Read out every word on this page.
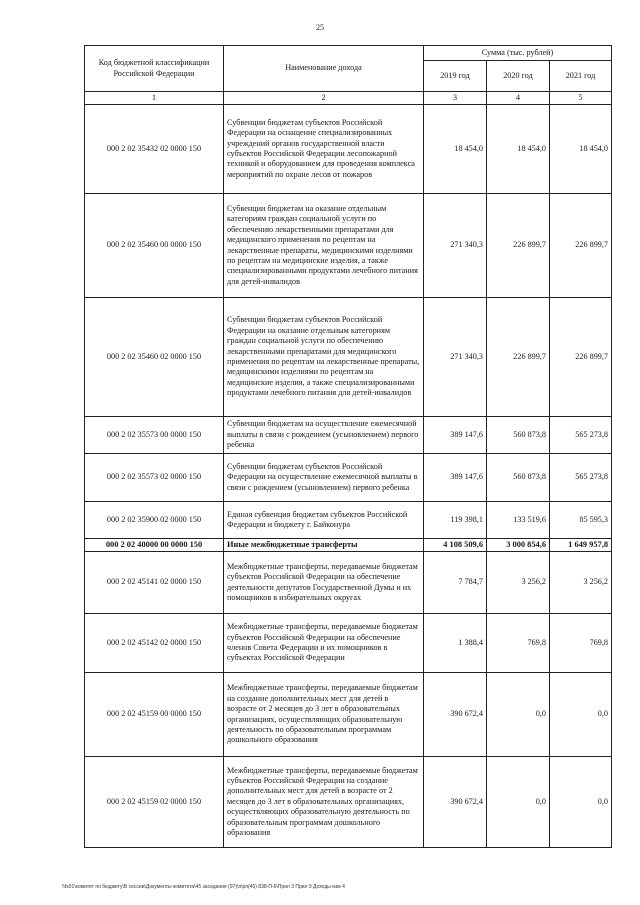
25
Код бюджетной классификации Российской Федерации	Наименование дохода	Сумма (тыс. рублей)		
		2019 год	2020 год	2021 год
1	2	3	4	5
000 2 02 35432 02 0000 150	Субвенции бюджетам субъектов Российской Федерации на оснащение специализированных учреждений органов государственной власти субъектов Российской Федерации лесопожарной техникой и оборудованием для проведения комплекса мероприятий по охране лесов от пожаров	18 454,0	18 454,0	18 454,0
000 2 02 35460 00 0000 150	Субвенции бюджетам на оказание отдельным категориям граждан социальной услуги по обеспечению лекарственными препаратами для медицинского применения по рецептам на лекарственные препараты, медицинскими изделиями по рецептам на медицинские изделия, а также специализированными продуктами лечебного питания для детей-инвалидов	271 340,3	226 899,7	226 899,7
000 2 02 35460 02 0000 150	Субвенции бюджетам субъектов Российской Федерации на оказание отдельным категориям граждан социальной услуги по обеспечению лекарственными препаратами для медицинского применения по рецептам на лекарственные препараты, медицинскими изделиями по рецептам на медицинские изделия, а также специализированными продуктами лечебного питания для детей-инвалидов	271 340,3	226 899,7	226 899,7
000 2 02 35573 00 0000 150	Субвенции бюджетам на осуществление ежемесячной выплаты в связи с рождением (усыновлением) первого ребенка	389 147,6	560 873,8	565 273,8
000 2 02 35573 02 0000 150	Субвенции бюджетам субъектов Российской Федерации на осуществление ежемесячной выплаты в связи с рождением (усыновлением) первого ребенка	389 147,6	560 873,8	565 273,8
000 2 02 35900 02 0000 150	Единая субвенция бюджетам субъектов Российской Федерации и бюджету г. Байконура	119 398,1	133 519,6	85 595,3
000 2 02 40000 00 0000 150	Иные межбюджетные трансферты	4 108 509,6	3 000 854,6	1 649 957,8
000 2 02 45141 02 0000 150	Межбюджетные трансферты, передаваемые бюджетам субъектов Российской Федерации на обеспечение деятельности депутатов Государственной Думы и их помощников в избирательных округах	7 784,7	3 256,2	3 256,2
000 2 02 45142 02 0000 150	Межбюджетные трансферты, передаваемые бюджетам субъектов Российской Федерации на обеспечение членов Совета Федерации и их помощников в субъектах Российской Федерации	1 388,4	769,8	769,8
000 2 02 45159 00 0000 150	Межбюджетные трансферты, передаваемые бюджетам на создание дополнительных мест для детей в возрасте от 2 месяцев до 3 лет в образовательных организациях, осуществляющих образовательную деятельность по образовательным программам дошкольного образования	390 672,4	0,0	0,0
000 2 02 45159 02 0000 150	Межбюджетные трансферты, передаваемые бюджетам субъектов Российской Федерации на создание дополнительных мест для детей в возрасте от 2 месяцев до 3 лет в образовательных организациях, осуществляющих образовательную деятельность по образовательным программам дошкольного образования	390 672,4	0,0	0,0
\\fs01\комитет по бюджету\В сессии\Документы комитета\45 заседание (97)\п\рп(45) 838-П-6\Прил 3 Прил 9 Доходы изм 4
